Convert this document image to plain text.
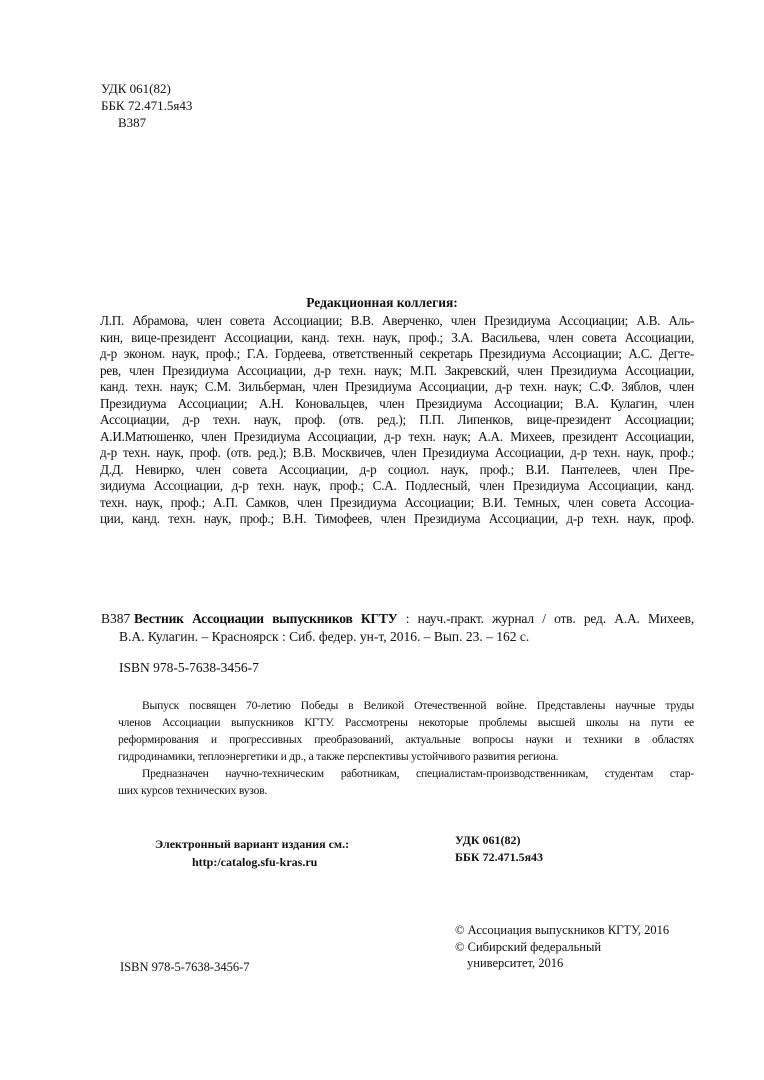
УДК 061(82)
ББК 72.471.5я43
В387
Редакционная коллегия:
Л.П. Абрамова, член совета Ассоциации; В.В. Аверченко, член Президиума Ассоциации; А.В. Аль-
кин, вице-президент Ассоциации, канд. техн. наук, проф.; З.А. Васильева, член совета Ассоциации,
д-р эконом. наук, проф.; Г.А. Гордеева, ответственный секретарь Президиума Ассоциации; А.С. Дегте-
рев, член Президиума Ассоциации, д-р техн. наук; М.П. Закревский, член Президиума Ассоциации,
канд. техн. наук; С.М. Зильберман, член Президиума Ассоциации, д-р техн. наук; С.Ф. Зяблов, член
Президиума Ассоциации; А.Н. Коновальцев, член Президиума Ассоциации; В.А. Кулагин, член
Ассоциации, д-р техн. наук, проф. (отв. ред.); П.П. Липенков, вице-президент Ассоциации;
А.И.Матюшенко, член Президиума Ассоциации, д-р техн. наук; А.А. Михеев, президент Ассоциации,
д-р техн. наук, проф. (отв. ред.); В.В. Москвичев, член Президиума Ассоциации, д-р техн. наук, проф.;
Д.Д. Невирко, член совета Ассоциации, д-р социол. наук, проф.; В.И. Пантелеев, член Пре-
зидиума Ассоциации, д-р техн. наук, проф.; С.А. Подлесный, член Президиума Ассоциации, канд.
техн. наук, проф.; А.П. Самков, член Президиума Ассоциации; В.И. Темных, член совета Ассоциа-
ции, канд. техн. наук, проф.; В.Н. Тимофеев, член Президиума Ассоциации, д-р техн. наук, проф.
В387 Вестник Ассоциации выпускников КГТУ : науч.-практ. журнал / отв. ред. А.А. Михеев,
В.А. Кулагин. – Красноярск : Сиб. федер. ун-т, 2016. – Вып. 23. – 162 с.
ISBN 978-5-7638-3456-7
Выпуск посвящен 70-летию Победы в Великой Отечественной войне. Представлены научные труды
членов Ассоциации выпускников КГТУ. Рассмотрены некоторые проблемы высшей школы на пути ее
реформирования и прогрессивных преобразований, актуальные вопросы науки и техники в областях
гидродинамики, теплоэнергетики и др., а также перспективы устойчивого развития региона.
Предназначен научно-техническим работникам, специалистам-производственникам, студентам стар-
ших курсов технических вузов.
УДК 061(82)
ББК 72.471.5я43
Электронный вариант издания см.:
http:/catalog.sfu-kras.ru
© Ассоциация выпускников КГТУ, 2016
© Сибирский федеральный
университет, 2016
ISBN 978-5-7638-3456-7
